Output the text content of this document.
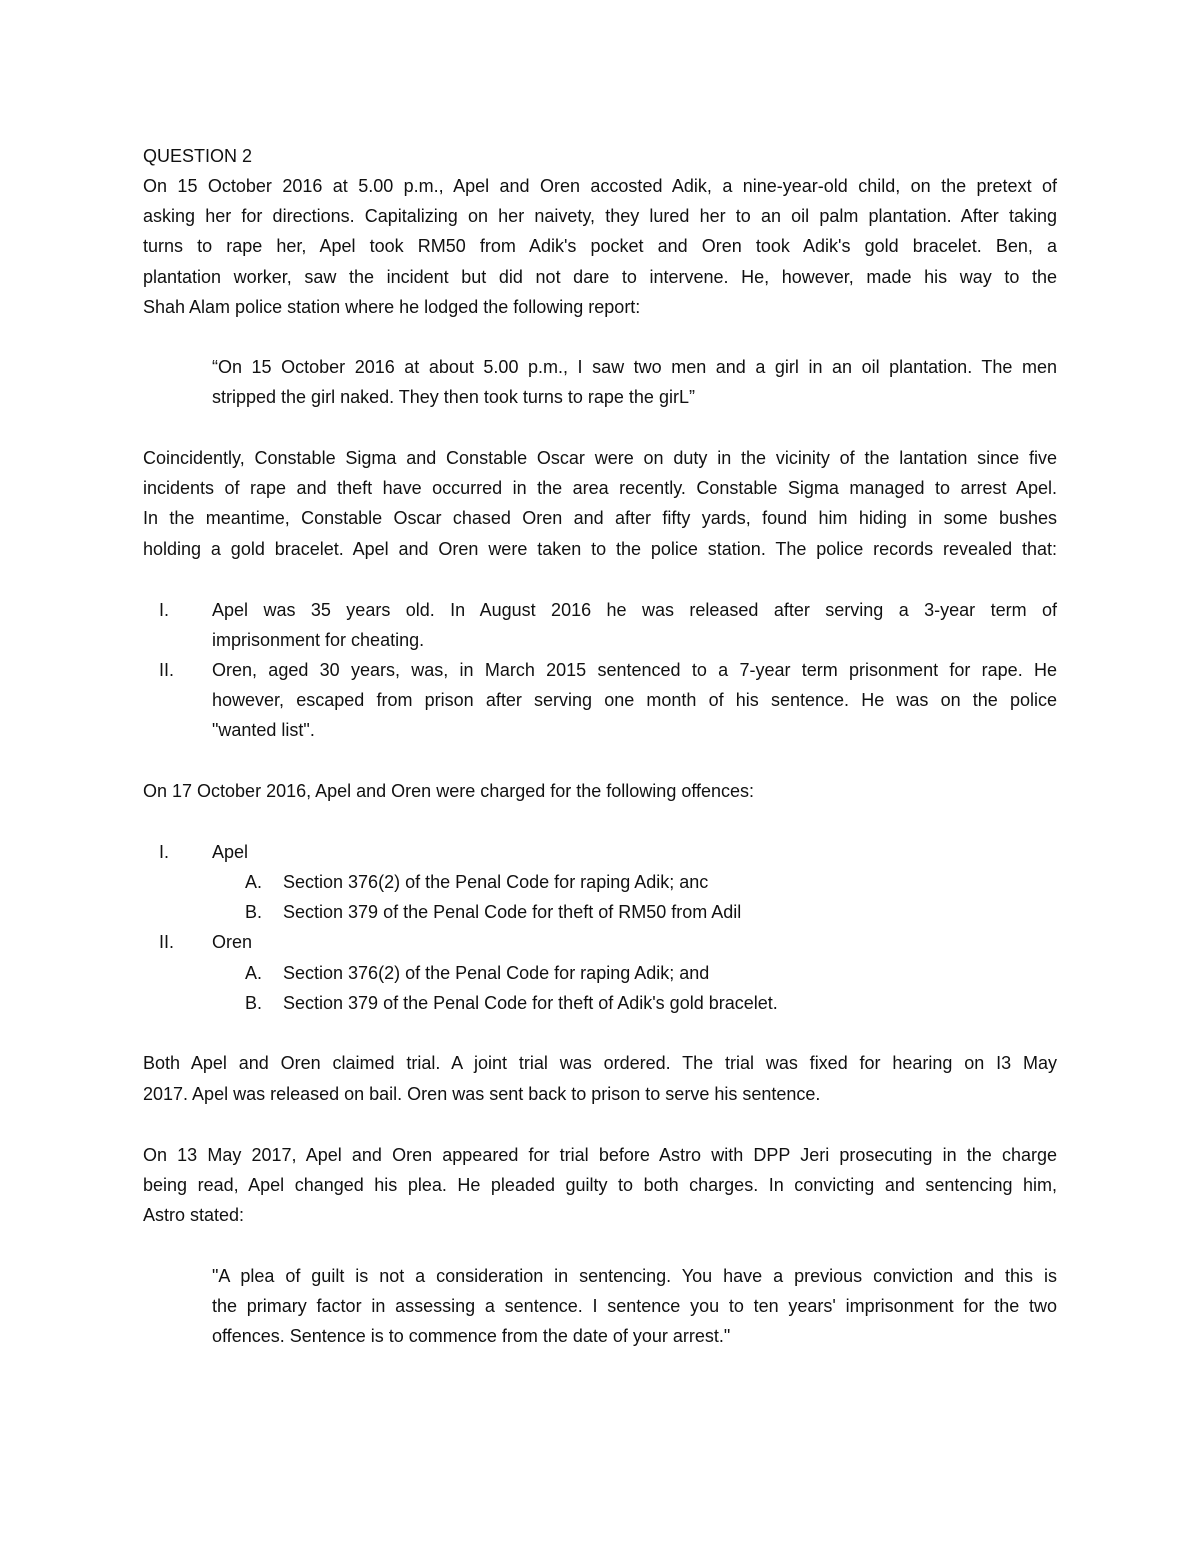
QUESTION 2
On 15 October 2016 at 5.00 p.m., Apel and Oren accosted Adik, a nine-year-old child, on the pretext of
asking her for directions. Capitalizing on her naivety, they lured her to an oil palm plantation. After taking
turns to rape her, Apel took RM50 from Adik's pocket and Oren took Adik's gold bracelet. Ben, a
plantation worker, saw the incident but did not dare to intervene. He, however, made his way to the
Shah Alam police station where he lodged the following report:
“On 15 October 2016 at about 5.00 p.m., I saw two men and a girl in an oil plantation. The men
stripped the girl naked. They then took turns to rape the girL”
Coincidently, Constable Sigma and Constable Oscar were on duty in the vicinity of the lantation since five
incidents of rape and theft have occurred in the area recently. Constable Sigma managed to arrest Apel.
In the meantime, Constable Oscar chased Oren and after fifty yards, found him hiding in some bushes
holding a gold bracelet. Apel and Oren were taken to the police station. The police records revealed that:
I. Apel was 35 years old. In August 2016 he was released after serving a 3-year term of
imprisonment for cheating.
II. Oren, aged 30 years, was, in March 2015 sentenced to a 7-year term prisonment for rape. He
however, escaped from prison after serving one month of his sentence. He was on the police
"wanted list".
On 17 October 2016, Apel and Oren were charged for the following offences:
I. Apel
A. Section 376(2) of the Penal Code for raping Adik; anc
B. Section 379 of the Penal Code for theft of RM50 from Adil
II. Oren
A. Section 376(2) of the Penal Code for raping Adik; and
B. Section 379 of the Penal Code for theft of Adik's gold bracelet.
Both Apel and Oren claimed trial. A joint trial was ordered. The trial was fixed for hearing on I3 May
2017. Apel was released on bail. Oren was sent back to prison to serve his sentence.
On 13 May 2017, Apel and Oren appeared for trial before Astro with DPP Jeri prosecuting in the charge
being read, Apel changed his plea. He pleaded guilty to both charges. In convicting and sentencing him,
Astro stated:
"A plea of guilt is not a consideration in sentencing. You have a previous conviction and this is
the primary factor in assessing a sentence. I sentence you to ten years' imprisonment for the two
offences. Sentence is to commence from the date of your arrest."
